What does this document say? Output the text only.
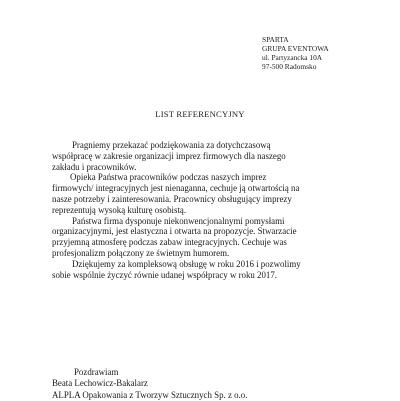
SPARTA
GRUPA EVENTOWA
ul. Partyzancka 10A
97-500 Radomsko
LIST REFERENCYJNY

Pragniemy przekazać podziękowania za dotychczasową
współpracę w zakresie organizacji imprez firmowych dla naszego
zakładu i pracowników.

Opieka Państwa pracowników podczas naszych imprez
firmowych/ integracyjnych jest nienaganna, cechuje ją otwartością na
nasze potrzeby i zainteresowania. Pracownicy obsługujący imprezy
reprezentują wysoką kulturę osobistą.

Państwa firma dysponuje niekonwencjonalnymi pomysłami
organizacyjnymi, jest elastyczna i otwarta na propozycje. Stwarzacie
przyjemną atmosferę podczas zabaw integracyjnych. Cechuje was
profesjonalizm połączony ze świetnym humorem.

Dziękujemy za kompleksową obsługę w roku 2016 i pozwolimy
sobie wspólnie życzyć równie udanej współpracy w roku 2017.

Pozdrawiam
Beata Lechowicz-Bakalarz
ALPLA Opakowania z Tworzyw Sztucznych Sp. z o.o.
